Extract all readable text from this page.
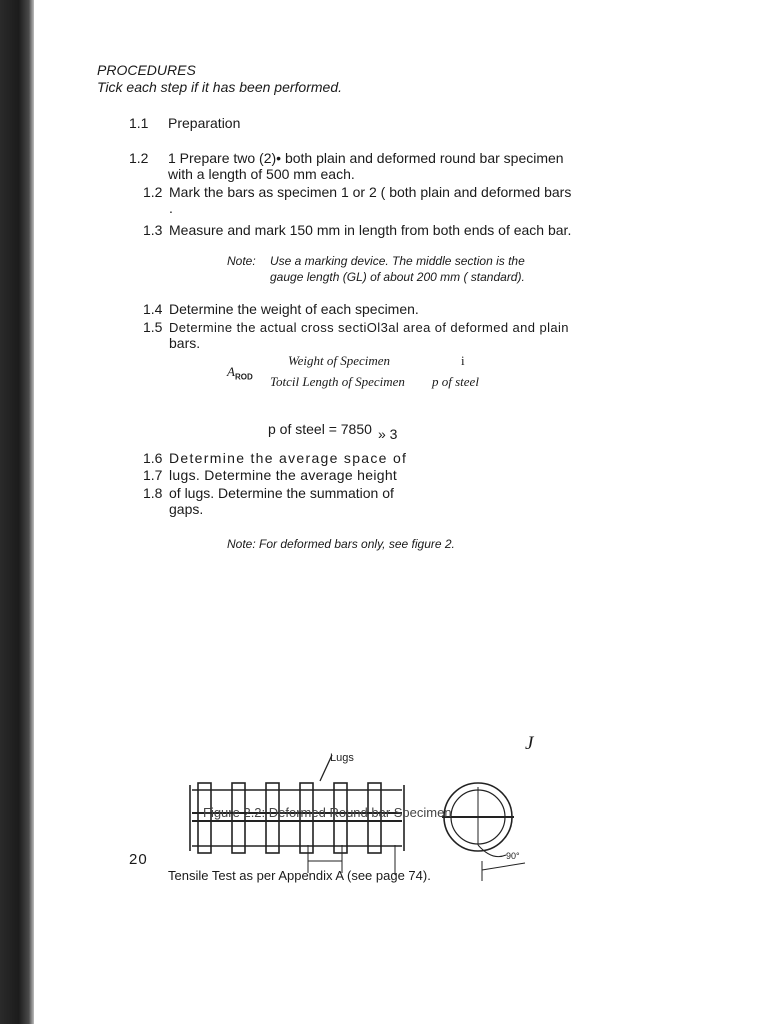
PROCEDURES
Tick each step if it has been performed.
1.1 Preparation
1.2 1 Prepare two (2)• both plain and deformed round bar specimen
with a length of 500 mm each.
1.2 Mark the bars as specimen 1 or 2 ( both plain and deformed bars
.
1.3 Measure and mark 150 mm in length from both ends of each bar.
Note: Use a marking device. The middle section is the
gauge length (GL) of about 200 mm ( standard).
1.4 Determine the weight of each specimen.
1.5 Determine the actual cross sectiOl3al area of deformed and plain
bars.
$A_{ROD}$
Weight of Specimen
Totcil Length of Specimen
i
p of steel
p of steel = 7850 » 3
1.6 Determine the average space of
1.7 lugs. Determine the average height
1.8 of lugs. Determine the summation of
gaps.
Note: For deformed bars only, see figure 2.
J
Lugs
Figure 2.2: Deformed Round bar Specimen
90°
20
Tensile Test as per Appendix A (see page 74).
